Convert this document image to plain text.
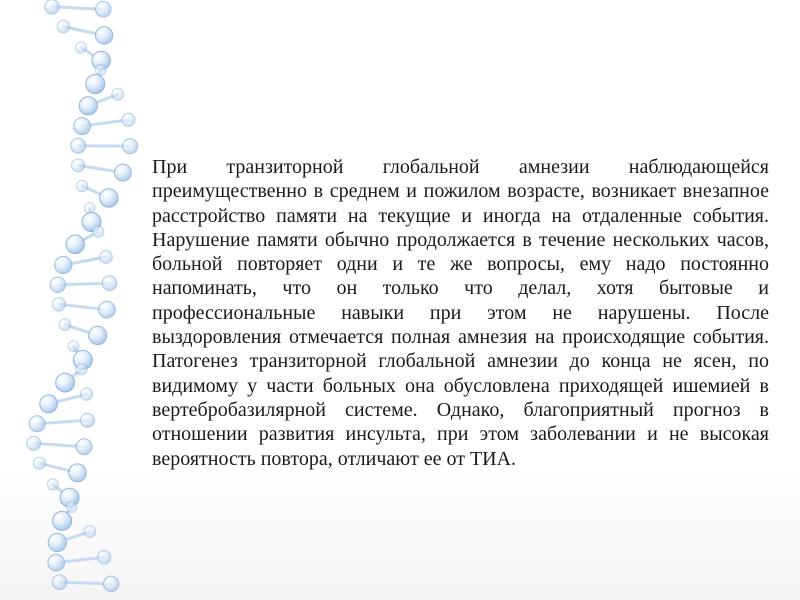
При транзиторной глобальной амнезии наблюдающейся преимущественно в среднем и пожилом возрасте, возникает внезапное расстройство памяти на текущие и иногда на отдаленные события. Нарушение памяти обычно продолжается в течение нескольких часов, больной повторяет одни и те же вопросы, ему надо постоянно напоминать, что он только что делал, хотя бытовые и профессиональные навыки при этом не нарушены. После выздоровления отмечается полная амнезия на происходящие события. Патогенез транзиторной глобальной амнезии до конца не ясен, по видимому у части больных она обусловлена приходящей ишемией в вертебробазилярной системе. Однако, благоприятный прогноз в отношении развития инсульта, при этом заболевании и не высокая вероятность повтора, отличают ее от ТИА.
